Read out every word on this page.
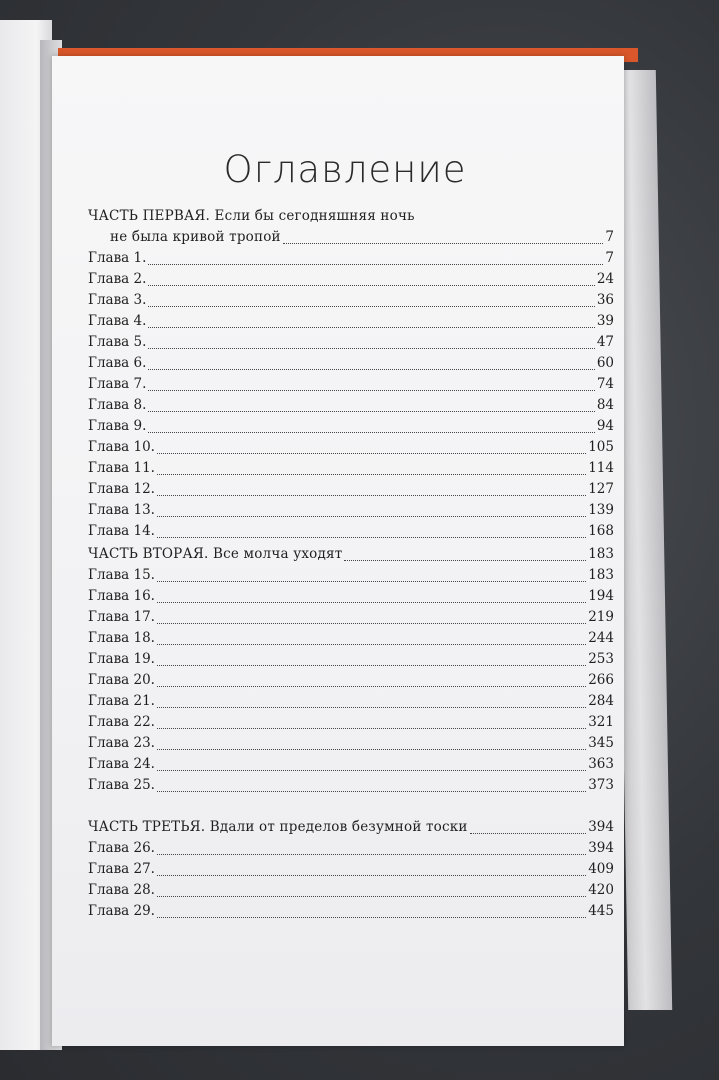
Оглавление
ЧАСТЬ ПЕРВАЯ. Если бы сегодняшняя ночь
не была кривой тропой	7
Глава 1.	7
Глава 2.	24
Глава 3.	36
Глава 4.	39
Глава 5.	47
Глава 6.	60
Глава 7.	74
Глава 8.	84
Глава 9.	94
Глава 10.	105
Глава 11.	114
Глава 12.	127
Глава 13.	139
Глава 14.	168
ЧАСТЬ ВТОРАЯ. Все молча уходят	183
Глава 15.	183
Глава 16.	194
Глава 17.	219
Глава 18.	244
Глава 19.	253
Глава 20.	266
Глава 21.	284
Глава 22.	321
Глава 23.	345
Глава 24.	363
Глава 25.	373
ЧАСТЬ ТРЕТЬЯ. Вдали от пределов безумной тоски	394
Глава 26.	394
Глава 27.	409
Глава 28.	420
Глава 29.	445
